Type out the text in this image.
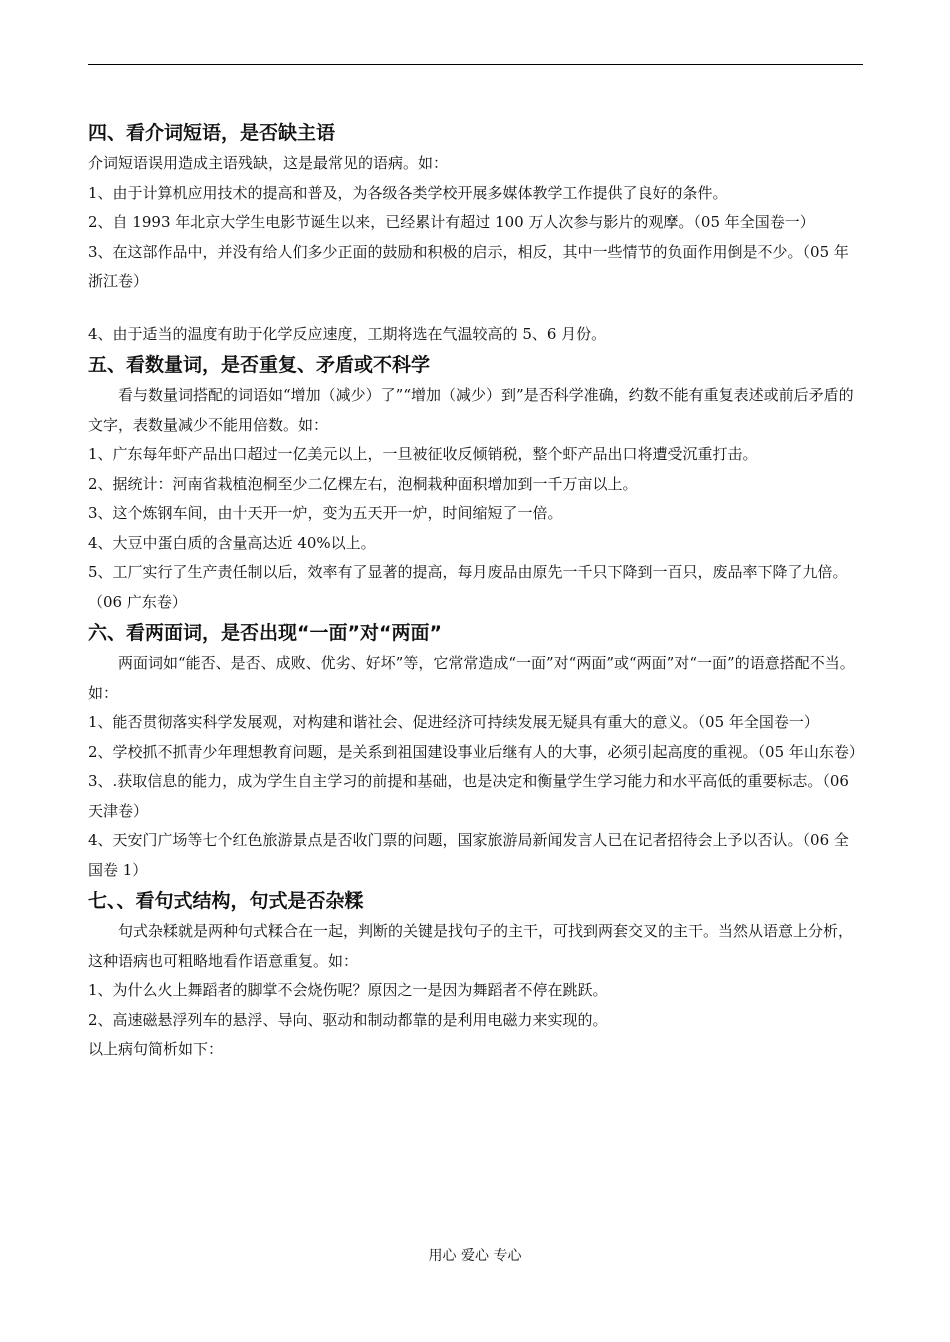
四、看介词短语，是否缺主语

介词短语误用造成主语残缺，这是最常见的语病。如：

1、由于计算机应用技术的提高和普及，为各级各类学校开展多媒体教学工作提供了良好的条件。

2、自 1993 年北京大学生电影节诞生以来，已经累计有超过 100 万人次参与影片的观摩。（05 年全国卷一）

3、在这部作品中，并没有给人们多少正面的鼓励和积极的启示，相反，其中一些情节的负面作用倒是不少。（05 年浙江卷）

4、由于适当的温度有助于化学反应速度，工期将选在气温较高的 5、6 月份。

五、看数量词，是否重复、矛盾或不科学

看与数量词搭配的词语如“增加（减少）了”“增加（减少）到”是否科学准确，约数不能有重复表述或前后矛盾的文字，表数量减少不能用倍数。如：

1、广东每年虾产品出口超过一亿美元以上，一旦被征收反倾销税，整个虾产品出口将遭受沉重打击。

2、据统计：河南省栽植泡桐至少二亿棵左右，泡桐栽种面积增加到一千万亩以上。

3、这个炼钢车间，由十天开一炉，变为五天开一炉，时间缩短了一倍。

4、大豆中蛋白质的含量高达近 40%以上。

5、工厂实行了生产责任制以后，效率有了显著的提高，每月废品由原先一千只下降到一百只，废品率下降了九倍。（06 广东卷）

六、看两面词，是否出现“一面”对“两面”

两面词如“能否、是否、成败、优劣、好坏”等，它常常造成“一面”对“两面”或“两面”对“一面”的语意搭配不当。如：

1、能否贯彻落实科学发展观，对构建和谐社会、促进经济可持续发展无疑具有重大的意义。（05 年全国卷一）

2、学校抓不抓青少年理想教育问题，是关系到祖国建设事业后继有人的大事，必须引起高度的重视。（05 年山东卷）

3、.获取信息的能力，成为学生自主学习的前提和基础，也是决定和衡量学生学习能力和水平高低的重要标志。（06 天津卷）

4、天安门广场等七个红色旅游景点是否收门票的问题，国家旅游局新闻发言人已在记者招待会上予以否认。（06 全国卷 1）

七、、看句式结构，句式是否杂糅

句式杂糅就是两种句式糅合在一起，判断的关键是找句子的主干，可找到两套交叉的主干。当然从语意上分析，这种语病也可粗略地看作语意重复。如：

1、为什么火上舞蹈者的脚掌不会烧伤呢？原因之一是因为舞蹈者不停在跳跃。

2、高速磁悬浮列车的悬浮、导向、驱动和制动都靠的是利用电磁力来实现的。

以上病句简析如下：

用心 爱心 专心
